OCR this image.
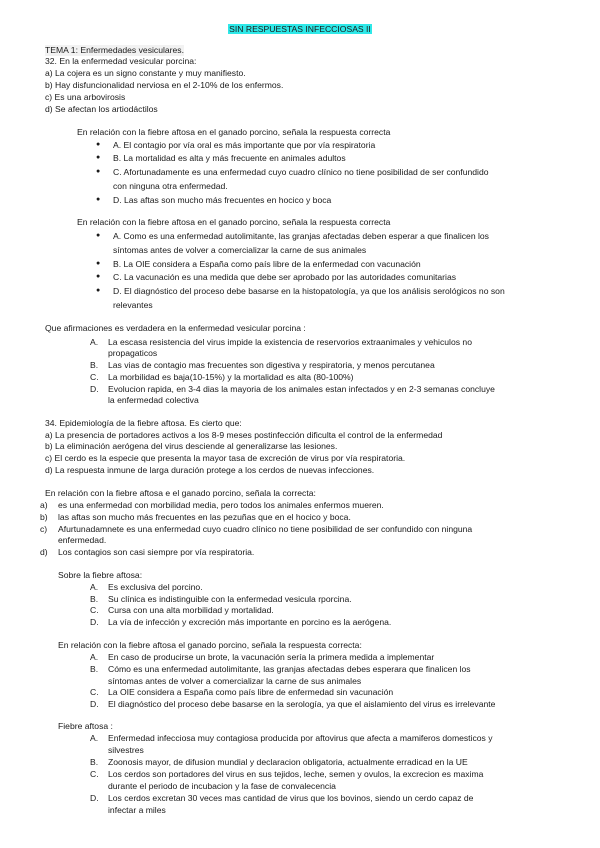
SIN RESPUESTAS INFECCIOSAS II
TEMA 1: Enfermedades vesiculares.
32. En la enfermedad vesicular porcina:
a) La cojera es un signo constante y muy manifiesto.
b) Hay disfuncionalidad nerviosa en el 2-10% de los enfermos.
c) Es una arbovirosis
d) Se afectan los artiodáctilos
En relación con la fiebre aftosa en el ganado porcino, señala la respuesta correcta
● A. El contagio por vía oral es más importante que por vía respiratoria
● B. La mortalidad es alta y más frecuente en animales adultos
● C. Afortunadamente es una enfermedad cuyo cuadro clínico no tiene posibilidad de ser confundido
con ninguna otra enfermedad.
● D. Las aftas son mucho más frecuentes en hocico y boca
En relación con la fiebre aftosa en el ganado porcino, señala la respuesta correcta
● A. Como es una enfermedad autolimitante, las granjas afectadas deben esperar a que finalicen los
síntomas antes de volver a comercializar la carne de sus animales
● B. La OIE considera a España como país libre de la enfermedad con vacunación
● C. La vacunación es una medida que debe ser aprobado por las autoridades comunitarias
● D. El diagnóstico del proceso debe basarse en la histopatología, ya que los análisis serológicos no son
relevantes
Que afirmaciones es verdadera en la enfermedad vesicular porcina :
A. La escasa resistencia del virus impide la existencia de reservorios extraanimales y vehiculos no
propagaticos
B. Las vias de contagio mas frecuentes son digestiva y respiratoria, y menos percutanea
C. La morbilidad es baja(10-15%) y la mortalidad es alta (80-100%)
D. Evolucion rapida, en 3-4 dias la mayoria de los animales estan infectados y en 2-3 semanas concluye
la enfermedad colectiva
34. Epidemiología de la fiebre aftosa. Es cierto que:
a) La presencia de portadores activos a los 8-9 meses postinfección dificulta el control de la enfermedad
b) La eliminación aerógena del virus desciende al generalizarse las lesiones.
c) El cerdo es la especie que presenta la mayor tasa de excreción de virus por vía respiratoria.
d) La respuesta inmune de larga duración protege a los cerdos de nuevas infecciones.
En relación con la fiebre aftosa e el ganado porcino, señala la correcta:
a) es una enfermedad con morbilidad media, pero todos los animales enfermos mueren.
b) las aftas son mucho más frecuentes en las pezuñas que en el hocico y boca.
c) Afurtunadamnete es una enfermedad cuyo cuadro clínico no tiene posibilidad de ser confundido con ninguna
enfermedad.
d) Los contagios son casi siempre por vía respiratoria.
Sobre la fiebre aftosa:
A. Es exclusiva del porcino.
B. Su clínica es indistinguible con la enfermedad vesicula rporcina.
C. Cursa con una alta morbilidad y mortalidad.
D. La vía de infección y excreción más importante en porcino es la aerógena.
En relación con la fiebre aftosa el ganado porcino, señala la respuesta correcta:
A. En caso de producirse un brote, la vacunación sería la primera medida a implementar
B. Cómo es una enfermedad autolimitante, las granjas afectadas debes esperara que finalicen los
síntomas antes de volver a comercializar la carne de sus animales
C. La OIE considera a España como país libre de enfermedad sin vacunación
D. El diagnóstico del proceso debe basarse en la serología, ya que el aislamiento del virus es irrelevante
Fiebre aftosa :
A. Enfermedad infecciosa muy contagiosa producida por aftovirus que afecta a mamiferos domesticos y
silvestres
B. Zoonosis mayor, de difusion mundial y declaracion obligatoria, actualmente erradicad en la UE
C. Los cerdos son portadores del virus en sus tejidos, leche, semen y ovulos, la excrecion es maxima
durante el periodo de incubacion y la fase de convalecencia
D. Los cerdos excretan 30 veces mas cantidad de virus que los bovinos, siendo un cerdo capaz de
infectar a miles
